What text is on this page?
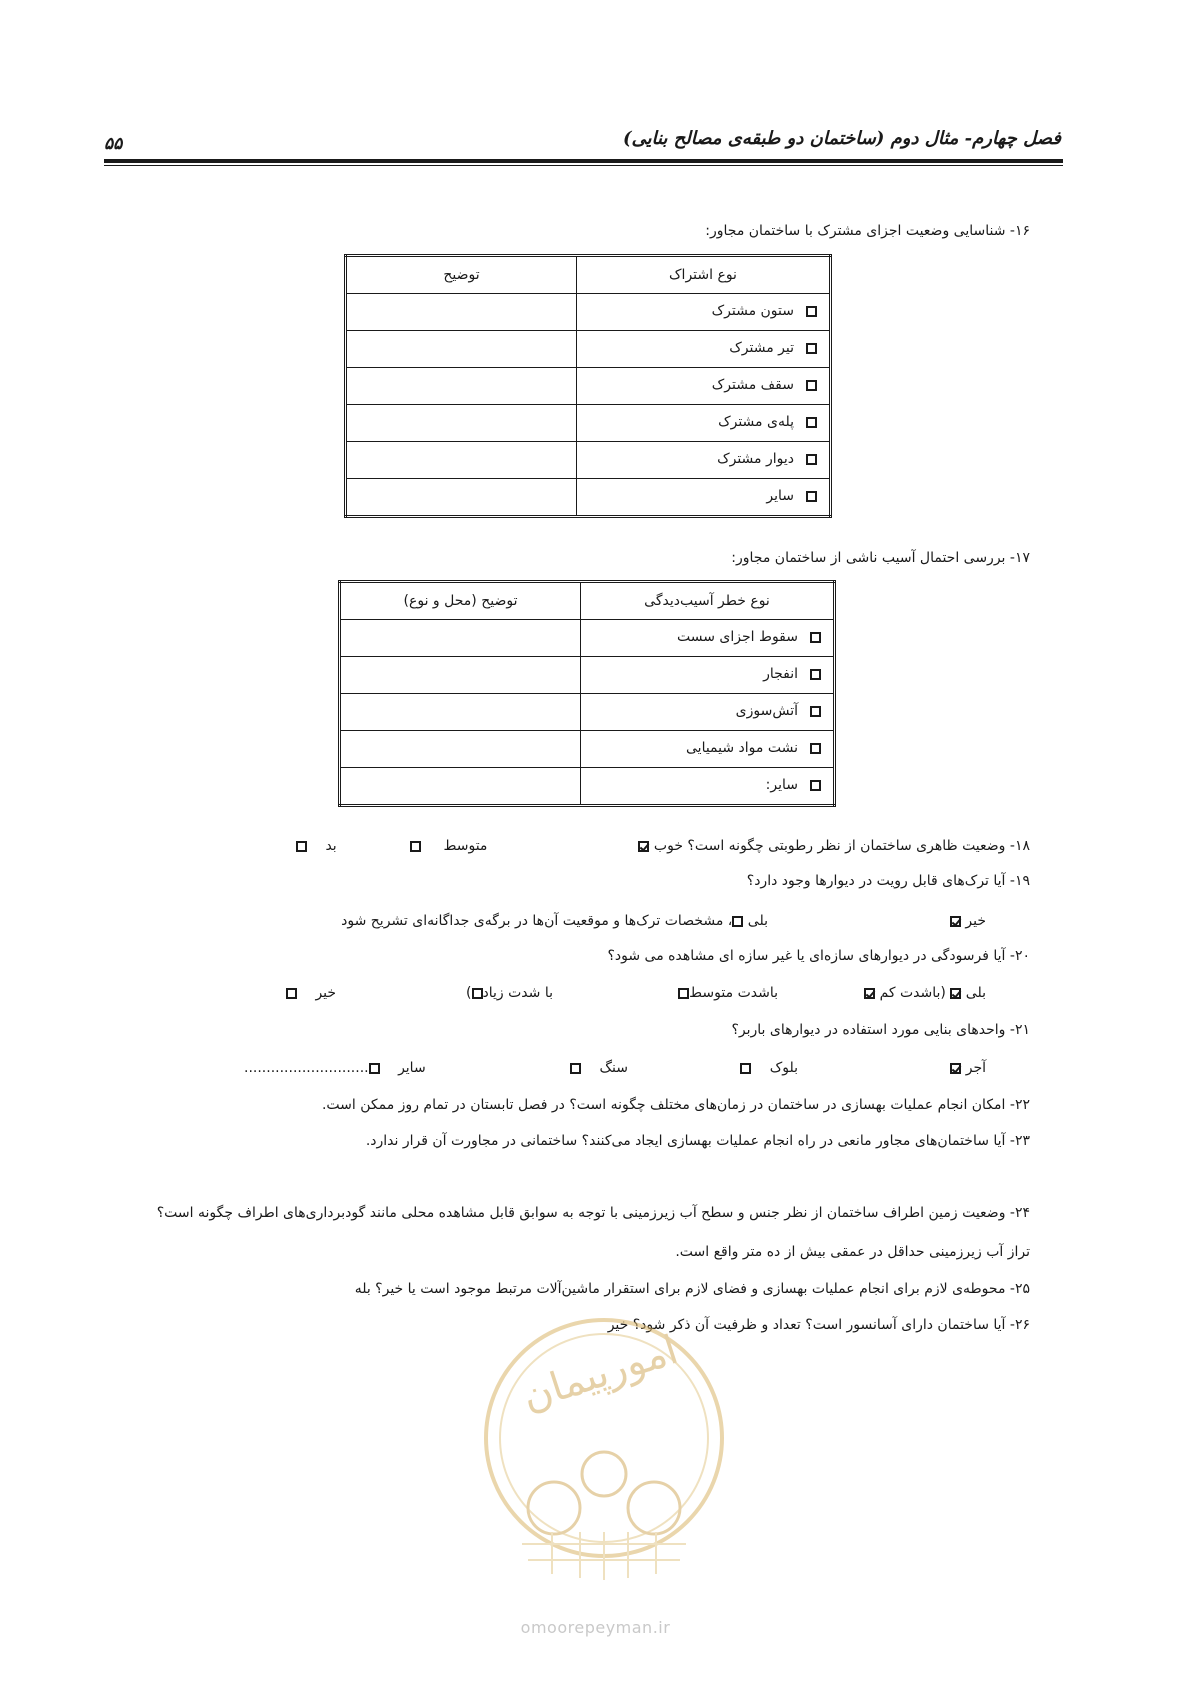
فصل چهارم- مثال دوم (ساختمان دو طبقه‌ی مصالح بنایی)
۵۵
۱۶- شناسایی وضعیت اجزای مشترک با ساختمان مجاور:
نوع اشتراک	توضیح

ستون مشترک	

تیر مشترک	

سقف مشترک	

پله‌ی مشترک	

دیوار مشترک	

سایر	

۱۷- بررسی احتمال آسیب ناشی از ساختمان مجاور:
نوع خطر آسیب‌دیدگی	توضیح (محل و نوع)

سقوط اجزای سست	

انفجار	

آتش‌سوزی	

نشت مواد شیمیایی	

سایر:	

۱۸- وضعیت ظاهری ساختمان از نظر رطوبتی چگونه است؟ خوب
متوسط
بد
۱۹- آیا ترک‌های قابل رویت در دیوارها وجود دارد؟
خیر
بلی ، مشخصات ترک‌ها و موقعیت آن‌ها در برگه‌ی جداگانه‌ای تشریح شود
۲۰- آیا فرسودگی در دیوارهای سازه‌ای یا غیر سازه ای مشاهده می شود؟
بلی  (باشدت کم
باشدت متوسط
با شدت زیاد)
خیر
۲۱- واحدهای بنایی مورد استفاده در دیوارهای باربر؟
آجر
بلوک
سنگ
سایر ............................
۲۲- امکان انجام عملیات بهسازی در ساختمان در زمان‌های مختلف چگونه است؟ در فصل تابستان در تمام روز ممکن است.
۲۳- آیا ساختمان‌های مجاور مانعی در راه انجام عملیات بهسازی ایجاد می‌کنند؟ ساختمانی در مجاورت آن قرار ندارد.
۲۴- وضعیت زمین اطراف ساختمان از نظر جنس و سطح آب زیرزمینی با توجه به سوابق قابل مشاهده محلی مانند گودبرداری‌های اطراف چگونه است؟
تراز آب زیرزمینی حداقل در عمقی بیش از ده متر واقع است.
۲۵- محوطه‌ی لازم برای انجام عملیات بهسازی و فضای لازم برای استقرار ماشین‌آلات مرتبط موجود است یا خیر؟ بله
۲۶- آیا ساختمان دارای آسانسور است؟ تعداد و ظرفیت آن ذکر شود؟ خیر
امورپیمان
omoorepeyman.ir
